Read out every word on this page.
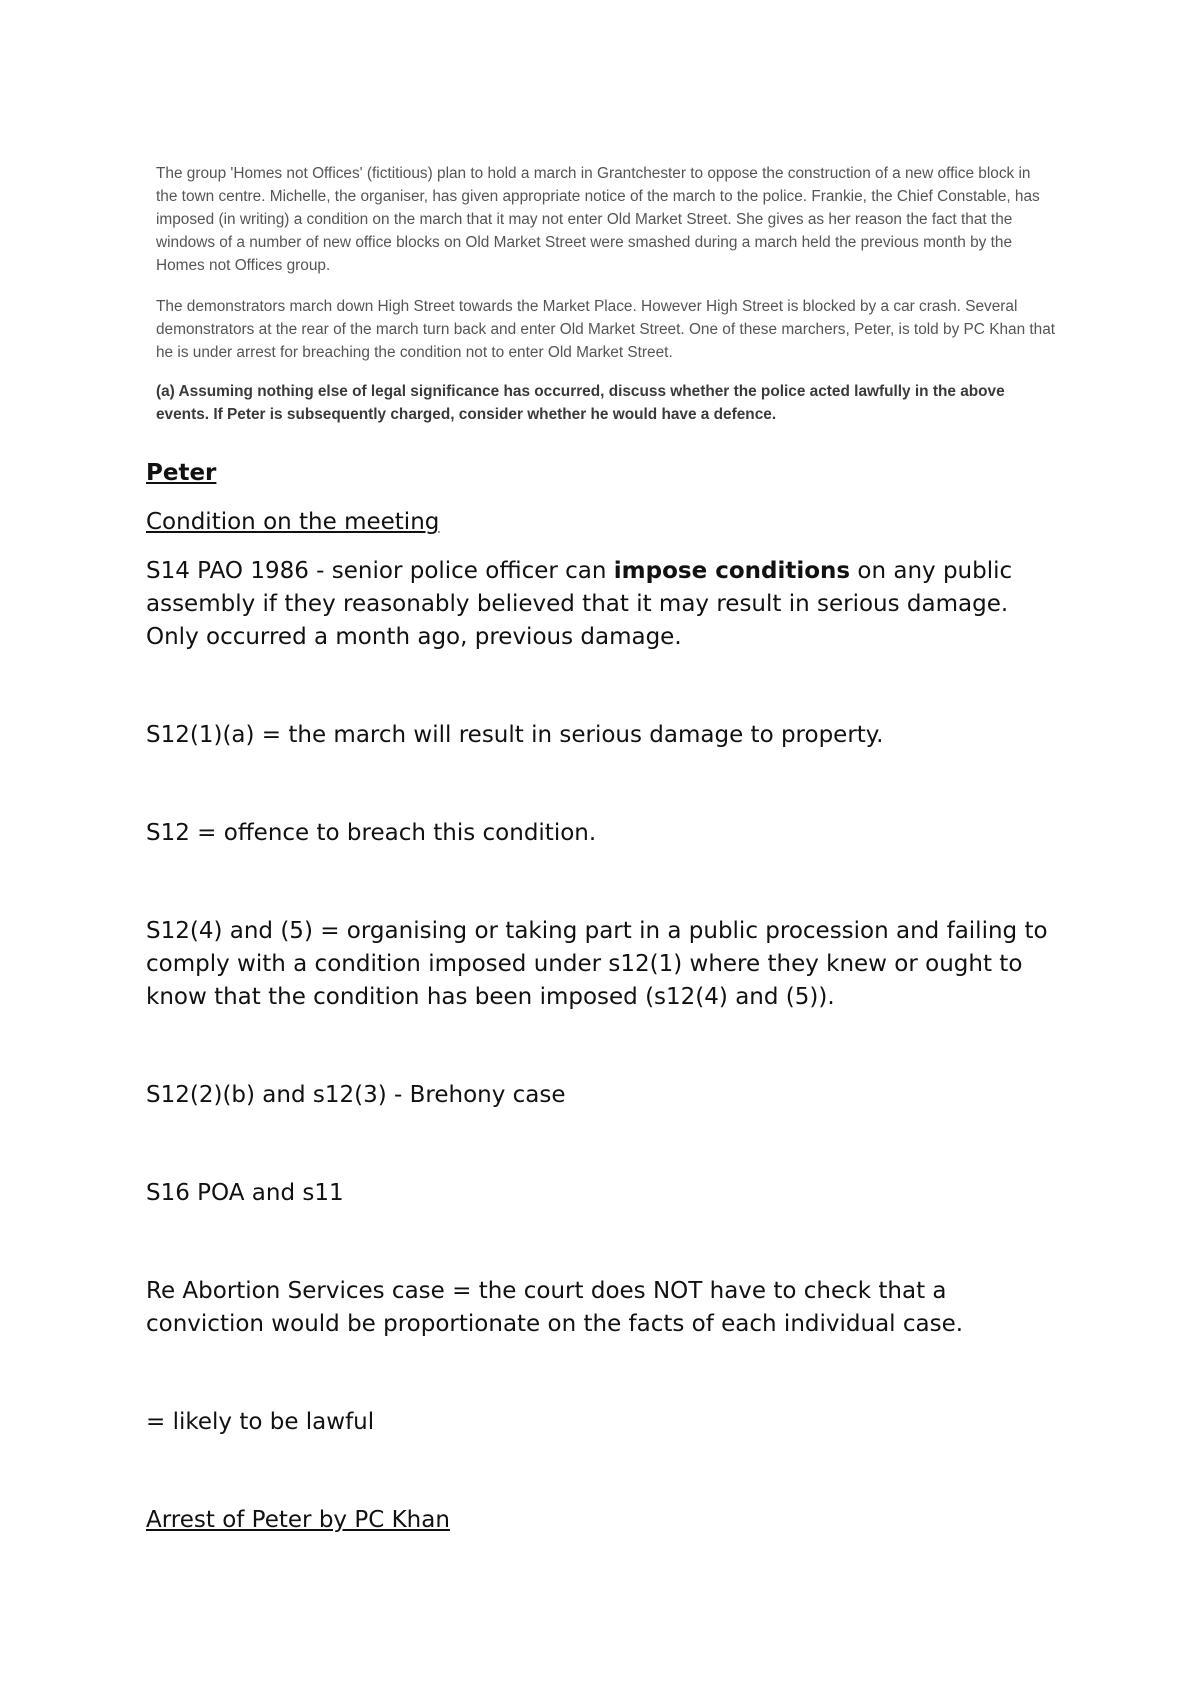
The group 'Homes not Offices' (fictitious) plan to hold a march in Grantchester to oppose the construction of a new office block in the town centre. Michelle, the organiser, has given appropriate notice of the march to the police. Frankie, the Chief Constable, has imposed (in writing) a condition on the march that it may not enter Old Market Street. She gives as her reason the fact that the windows of a number of new office blocks on Old Market Street were smashed during a march held the previous month by the Homes not Offices group.

The demonstrators march down High Street towards the Market Place. However High Street is blocked by a car crash. Several demonstrators at the rear of the march turn back and enter Old Market Street. One of these marchers, Peter, is told by PC Khan that he is under arrest for breaching the condition not to enter Old Market Street.

(a) Assuming nothing else of legal significance has occurred, discuss whether the police acted lawfully in the above events. If Peter is subsequently charged, consider whether he would have a defence.

Peter

Condition on the meeting

S14 PAO 1986 - senior police officer can impose conditions on any public assembly if they reasonably believed that it may result in serious damage. Only occurred a month ago, previous damage.

S12(1)(a) = the march will result in serious damage to property.

S12 = offence to breach this condition.

S12(4) and (5) = organising or taking part in a public procession and failing to comply with a condition imposed under s12(1) where they knew or ought to know that the condition has been imposed (s12(4) and (5)).

S12(2)(b) and s12(3) - Brehony case

S16 POA and s11

Re Abortion Services case = the court does NOT have to check that a conviction would be proportionate on the facts of each individual case.

= likely to be lawful

Arrest of Peter by PC Khan
